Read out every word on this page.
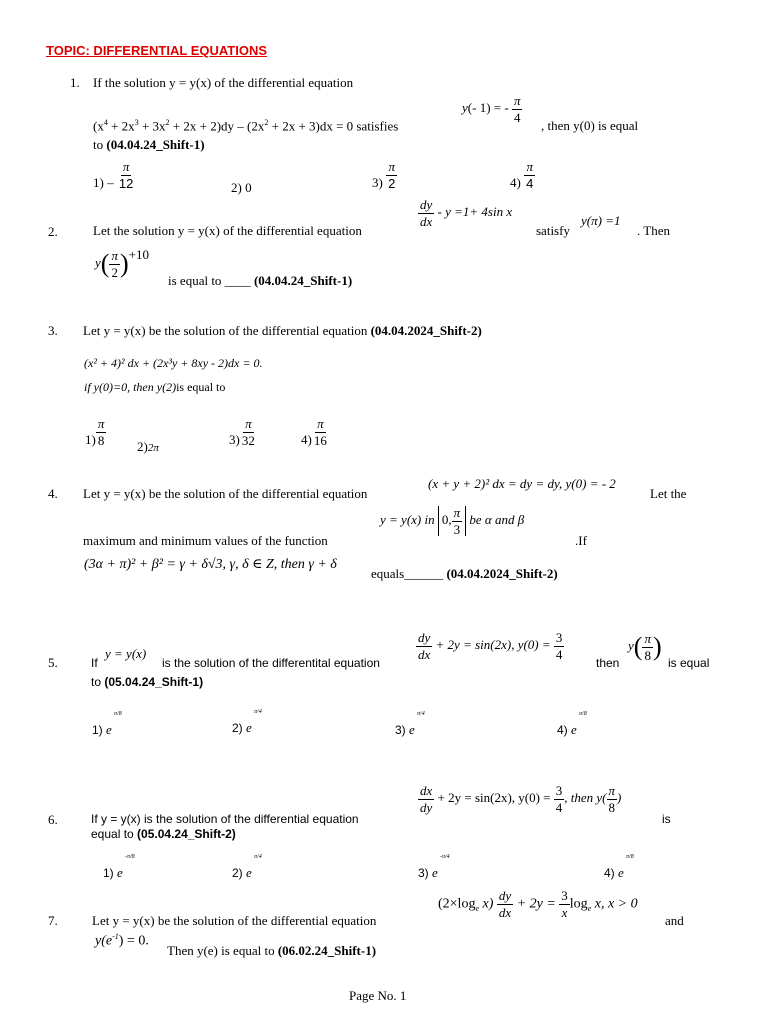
TOPIC: DIFFERENTIAL EQUATIONS
1. If the solution y = y(x) of the differential equation
$(x^4 + 2x^3 + 3x^2 + 2x + 2)dy - (2x^2 + 2x + 3)dx = 0$ satisfies
y(- 1) = - $\frac{\pi}{4}$
, then y(0) is equal
to (04.04.24_Shift-1)
$1) - \frac{\pi}{12}$	2) 0	$3) \frac{\pi}{2}$	$4) \frac{\pi}{4}$
2.	Let the solution y = y(x) of the differential equation
$\frac{dy}{dx} - y =1+ 4\sin$ x
satisfy
y(π) =1
. Then
$y( \frac{\pi}{2} )+10$
is equal to ____ (04.04.24_Shift-1)
3. Let y = y(x) be the solution of the differential equation (04.04.2024_Shift-2)
(x² + 4)² dx + (2x³y + 8xy - 2)dx = 0.
if y(0)=0, then y(2)is equal to
$1) \frac{\pi}{8} 2)2\pi$
$3) \frac{\pi}{32}$	$4) \frac{\pi}{16}$
4. Let y = y(x) be the solution of the differential equation
(x + y + 2)² dx = dy = dy, y(0) = - 2
Let the
maximum and minimum values of the function
y = y(x) in 0, $\frac{\pi}{3}$ be α and β
.If
(3α + π)² + β² = γ + δ√3, γ, δ ∈ Z, then γ + δ
equals______ (04.04.2024_Shift-2)
5.	If
y = y(x)
is the solution of the differentital equation
$\frac{dy}{dx} + 2y = \sin(2x)$, $y(0) = \frac{3}{4}$
then
$y( \frac{\pi}{8}$ )
is equal
to (05.04.24_Shift-1)
1) e
π/8
2) e
π/4
3) e
π/4
4) e
π/8
6.	If y = y(x) is the solution of the differential equation
$\frac{dx}{dy} + 2y = \sin(2x)$, $y(0) = \frac{3}{4}$ , then $y( \frac{\pi}{8}$ )
is
equal to (05.04.24_Shift-2)
1) e
-π/8
2) e
π/4
3) e
-π/4
4) e
π/8
7.	Let y = y(x) be the solution of the differential equation
($2\times\log_e$ $x) \frac{dy}{dx} + 2y = \frac{3}{x} \log_e x$, x > 0
and
$y(e^{-1}) = 0$.
Then y(e) is equal to (06.02.24_Shift-1)
Page No. 1
